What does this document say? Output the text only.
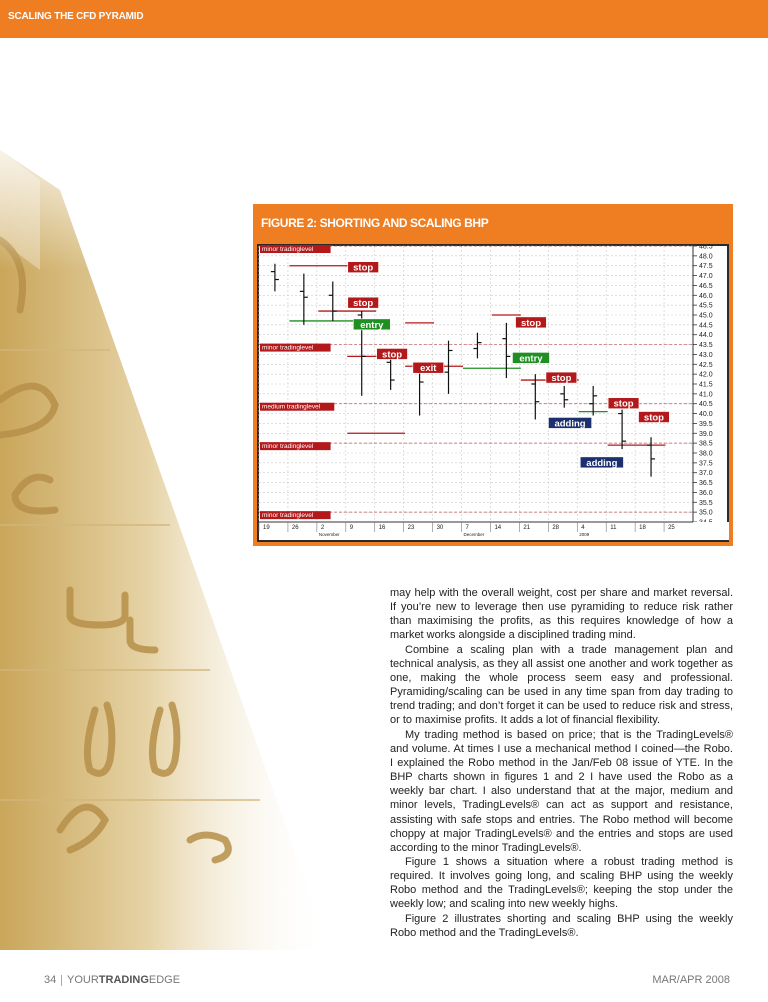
SCALING THE CFD PYRAMID
FIGURE 2: SHORTING AND SCALING BHP
48.5
48.0
47.5
47.0
46.5
46.0
45.5
45.0
44.5
44.0
43.5
43.0
42.5
42.0
41.5
41.0
40.5
40.0
39.5
39.0
38.5
38.0
37.5
37.0
36.5
36.0
35.5
35.0
19	26	2	9	16	23	30	7	14	21	28	4	11	18	25
November	December	2009
minor tradinglevel
minor tradinglevel
medium tradinglevel
minor tradinglevel
minor tradinglevel
stop
stop
entry
stop
exit
stop
entry
stop
adding
stop
stop
adding

may help with the overall weight, cost per share and market reversal. If you’re new to leverage then use pyramiding to reduce risk rather than maximising the profits, as this requires knowledge of how a market works alongside a disciplined trading mind.

Combine a scaling plan with a trade management plan and technical analysis, as they all assist one another and work together as one, making the whole process seem easy and professional. Pyramiding/scaling can be used in any time span from day trading to trend trading; and don’t forget it can be used to reduce risk and stress, or to maximise profits. It adds a lot of financial flexibility.

My trading method is based on price; that is the TradingLevels® and volume. At times I use a mechanical method I coined—the Robo. I explained the Robo method in the Jan/Feb 08 issue of YTE. In the BHP charts shown in figures 1 and 2 I have used the Robo as a weekly bar chart. I also understand that at the major, medium and minor levels, TradingLevels® can act as support and resistance, assisting with safe stops and entries. The Robo method will become choppy at major TradingLevels® and the entries and stops are used according to the minor TradingLevels®.

Figure 1 shows a situation where a robust trading method is required. It involves going long, and scaling BHP using the weekly Robo method and the TradingLevels®; keeping the stop under the weekly low; and scaling into new weekly highs.

Figure 2 illustrates shorting and scaling BHP using the weekly Robo method and the TradingLevels®.

34 YOURTRADINGEDGE	MAR/APR 2008
